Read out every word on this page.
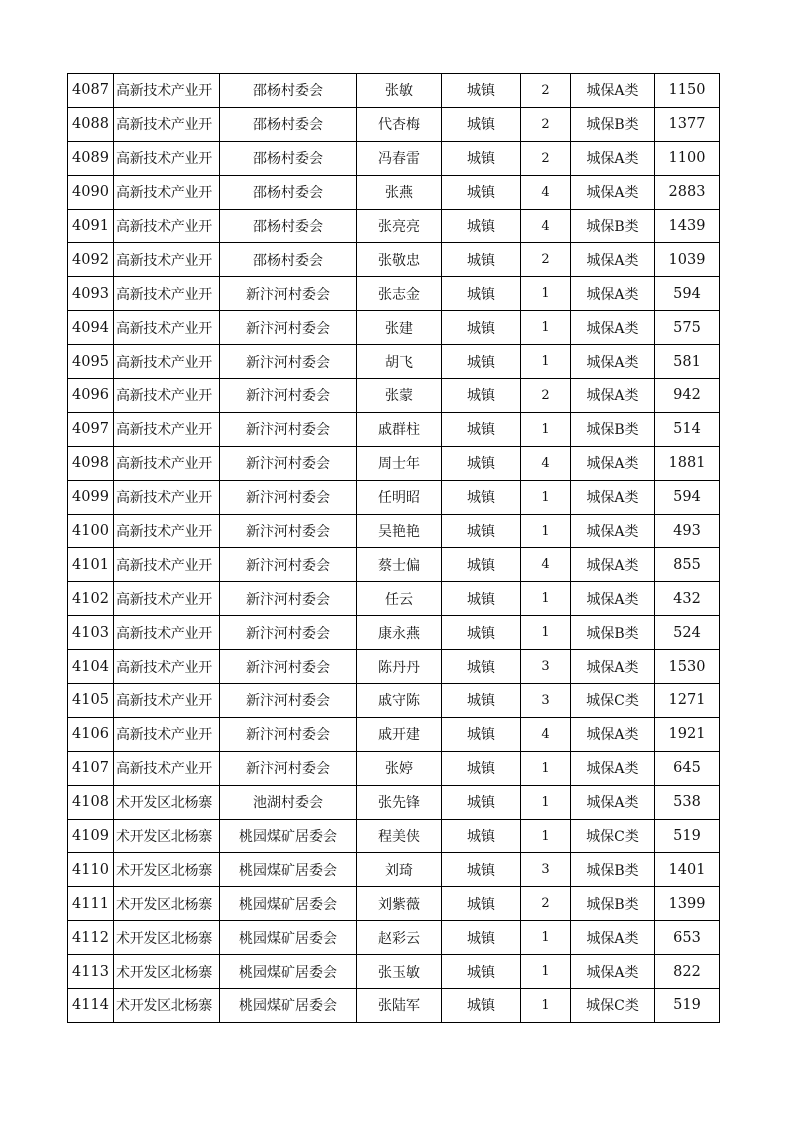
4087	高新技术产业开	邵杨村委会	张敏	城镇	2	城保A类	1150
4088	高新技术产业开	邵杨村委会	代杏梅	城镇	2	城保B类	1377
4089	高新技术产业开	邵杨村委会	冯春雷	城镇	2	城保A类	1100
4090	高新技术产业开	邵杨村委会	张燕	城镇	4	城保A类	2883
4091	高新技术产业开	邵杨村委会	张亮亮	城镇	4	城保B类	1439
4092	高新技术产业开	邵杨村委会	张敬忠	城镇	2	城保A类	1039
4093	高新技术产业开	新汴河村委会	张志金	城镇	1	城保A类	594
4094	高新技术产业开	新汴河村委会	张建	城镇	1	城保A类	575
4095	高新技术产业开	新汴河村委会	胡飞	城镇	1	城保A类	581
4096	高新技术产业开	新汴河村委会	张蒙	城镇	2	城保A类	942
4097	高新技术产业开	新汴河村委会	戚群柱	城镇	1	城保B类	514
4098	高新技术产业开	新汴河村委会	周士年	城镇	4	城保A类	1881
4099	高新技术产业开	新汴河村委会	任明昭	城镇	1	城保A类	594
4100	高新技术产业开	新汴河村委会	吴艳艳	城镇	1	城保A类	493
4101	高新技术产业开	新汴河村委会	蔡士偏	城镇	4	城保A类	855
4102	高新技术产业开	新汴河村委会	任云	城镇	1	城保A类	432
4103	高新技术产业开	新汴河村委会	康永燕	城镇	1	城保B类	524
4104	高新技术产业开	新汴河村委会	陈丹丹	城镇	3	城保A类	1530
4105	高新技术产业开	新汴河村委会	戚守陈	城镇	3	城保C类	1271
4106	高新技术产业开	新汴河村委会	戚开建	城镇	4	城保A类	1921
4107	高新技术产业开	新汴河村委会	张婷	城镇	1	城保A类	645
4108	术开发区北杨寨	池湖村委会	张先锋	城镇	1	城保A类	538
4109	术开发区北杨寨	桃园煤矿居委会	程美侠	城镇	1	城保C类	519
4110	术开发区北杨寨	桃园煤矿居委会	刘琦	城镇	3	城保B类	1401
4111	术开发区北杨寨	桃园煤矿居委会	刘紫薇	城镇	2	城保B类	1399
4112	术开发区北杨寨	桃园煤矿居委会	赵彩云	城镇	1	城保A类	653
4113	术开发区北杨寨	桃园煤矿居委会	张玉敏	城镇	1	城保A类	822
4114	术开发区北杨寨	桃园煤矿居委会	张陆军	城镇	1	城保C类	519
